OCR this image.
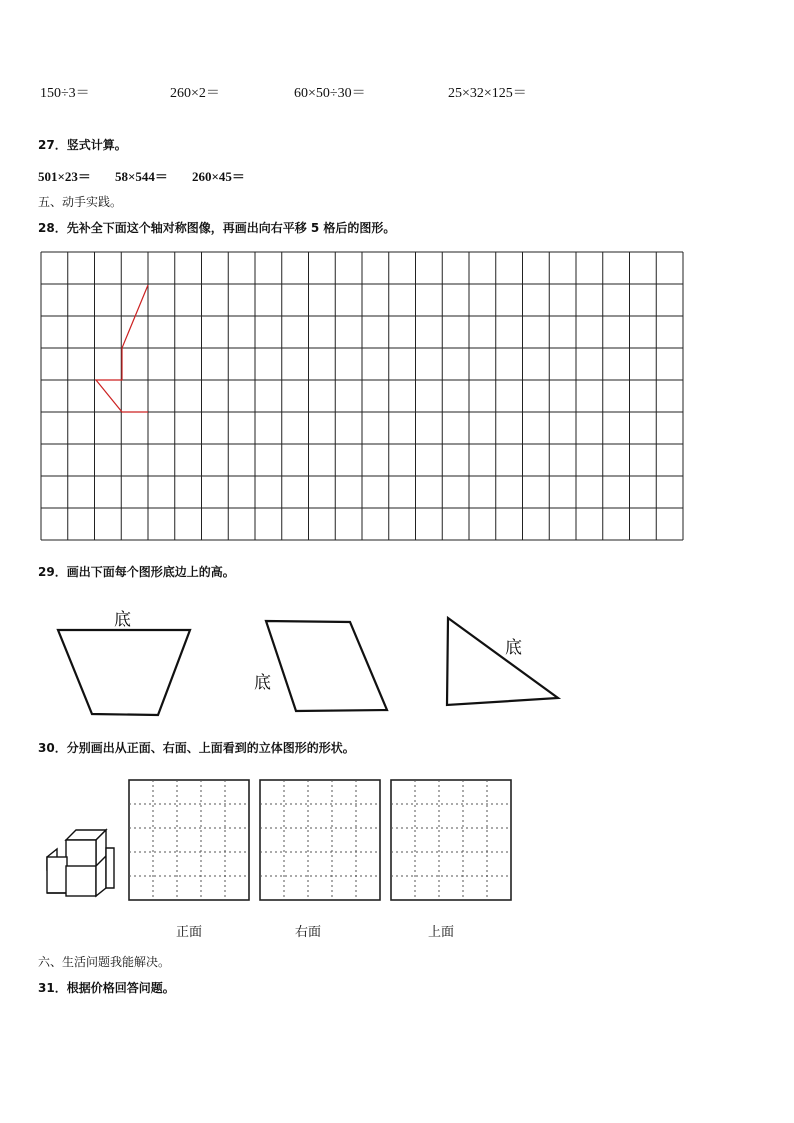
150÷3＝	260×2＝	60×50÷30＝	25×32×125＝
27．竖式计算。
501×23＝ 58×544＝ 260×45＝
五、动手实践。
28．先补全下面这个轴对称图像，再画出向右平移 5 格后的图形。
底
底
底
29．画出下面每个图形底边上的高。
30．分别画出从正面、右面、上面看到的立体图形的形状。
正面	右面	上面
六、生活问题我能解决。
31．根据价格回答问题。
